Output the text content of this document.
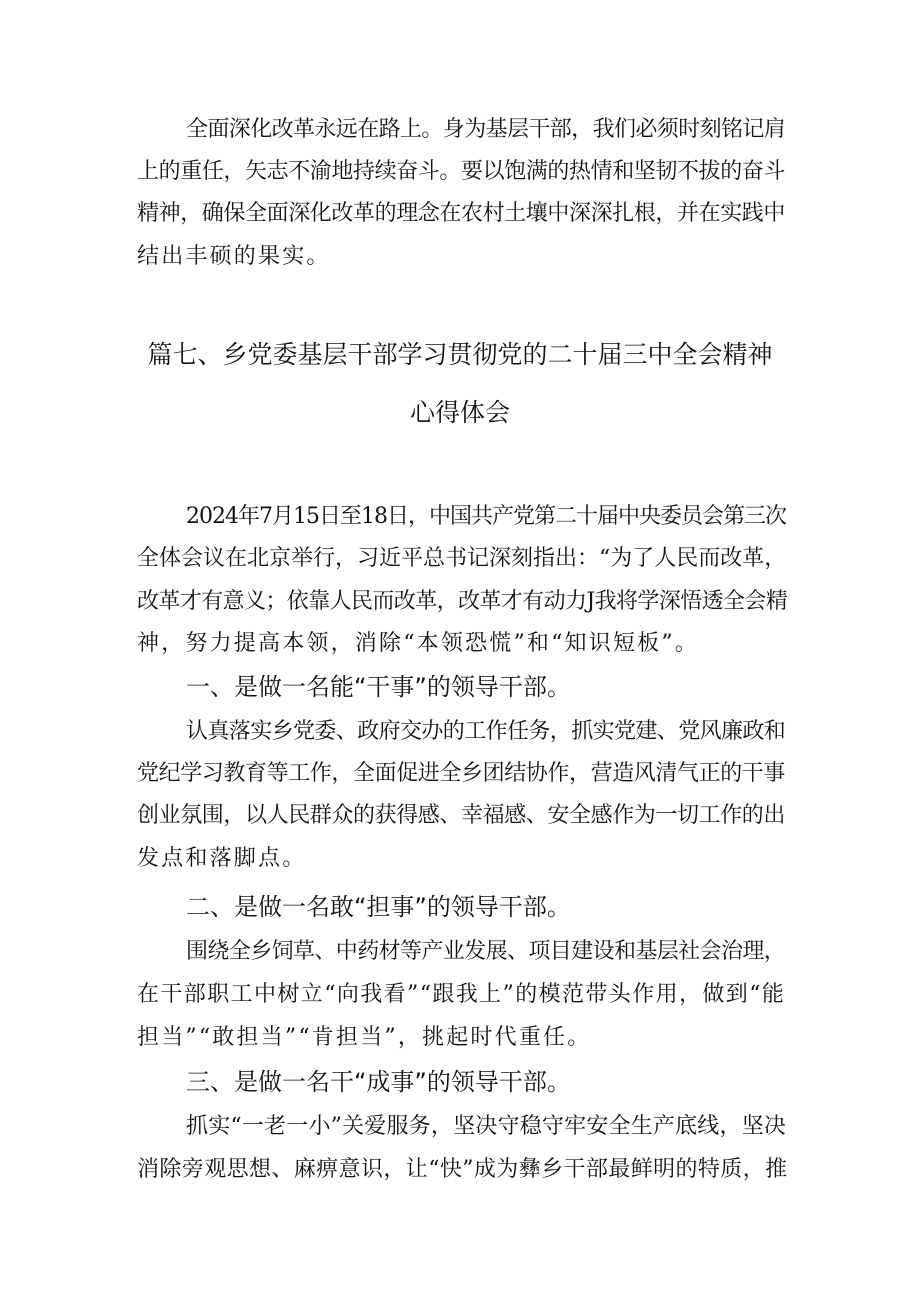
全面深化改革永远在路上。身为基层干部，我们必须时刻铭记肩
上的重任，矢志不渝地持续奋斗。要以饱满的热情和坚韧不拔的奋斗
精神，确保全面深化改革的理念在农村土壤中深深扎根，并在实践中
结出丰硕的果实。
篇七、乡党委基层干部学习贯彻党的二十届三中全会精神
心得体会
2024年7月15日至18日，中国共产党第二十届中央委员会第三次
全体会议在北京举行，习近平总书记深刻指出：“为了人民而改革，
改革才有意义；依靠人民而改革，改革才有动力J我将学深悟透全会精
神，努力提高本领，消除“本领恐慌”和“知识短板”。
一、是做一名能“干事”的领导干部。
认真落实乡党委、政府交办的工作任务，抓实党建、党风廉政和
党纪学习教育等工作，全面促进全乡团结协作，营造风清气正的干事
创业氛围，以人民群众的获得感、幸福感、安全感作为一切工作的出
发点和落脚点。
二、是做一名敢“担事”的领导干部。
围绕全乡饲草、中药材等产业发展、项目建设和基层社会治理，
在干部职工中树立“向我看”“跟我上”的模范带头作用，做到“能
担当”“敢担当”“肯担当”，挑起时代重任。
三、是做一名干“成事”的领导干部。
抓实“一老一小”关爱服务，坚决守稳守牢安全生产底线，坚决
消除旁观思想、麻痹意识，让“快”成为彝乡干部最鲜明的特质，推
